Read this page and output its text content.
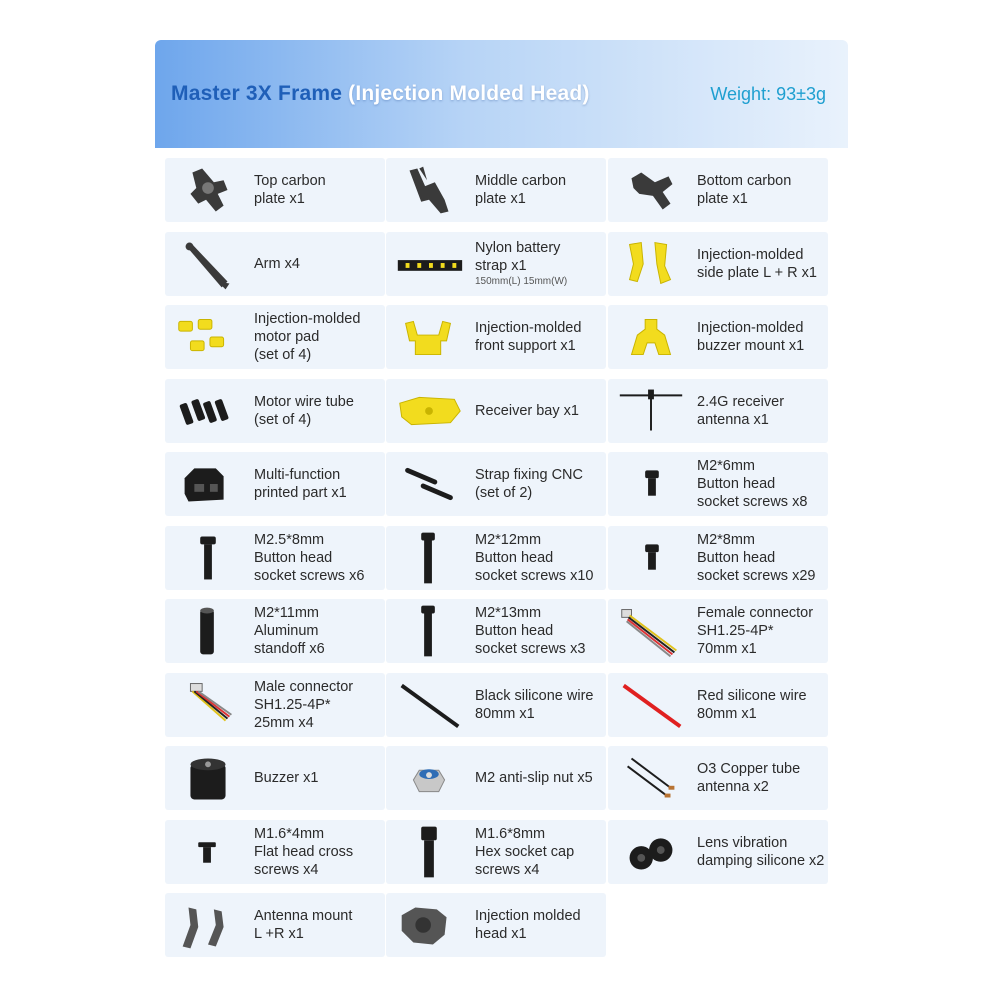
Master 3X Frame (Injection Molded Head)	Weight: 93±3g
Top carbon
plate x1
Middle carbon
plate x1
Bottom carbon
plate x1
Arm x4
Nylon battery
strap x1
150mm(L) 15mm(W)
Injection-molded
side plate L + R x1
Injection-molded
motor pad
(set of 4)
Injection-molded
front support x1
Injection-molded
buzzer mount x1
Motor wire tube
(set of 4)
Receiver bay x1
2.4G receiver
antenna x1
Multi-function
printed part x1
Strap fixing CNC
(set of 2)
M2*6mm
Button head
socket screws x8
M2.5*8mm
Button head
socket screws x6
M2*12mm
Button head
socket screws x10
M2*8mm
Button head
socket screws x29
M2*11mm
Aluminum
standoff x6
M2*13mm
Button head
socket screws x3
Female connector
SH1.25-4P*
70mm x1
Male connector
SH1.25-4P*
25mm x4
Black silicone wire
80mm x1
Red silicone wire
80mm x1
Buzzer x1	M2 anti-slip nut x5
O3 Copper tube
antenna x2
M1.6*4mm
Flat head cross
screws x4
M1.6*8mm
Hex socket cap
screws x4
Lens vibration
damping silicone x2
Antenna mount
L +R x1
Injection molded
head x1
